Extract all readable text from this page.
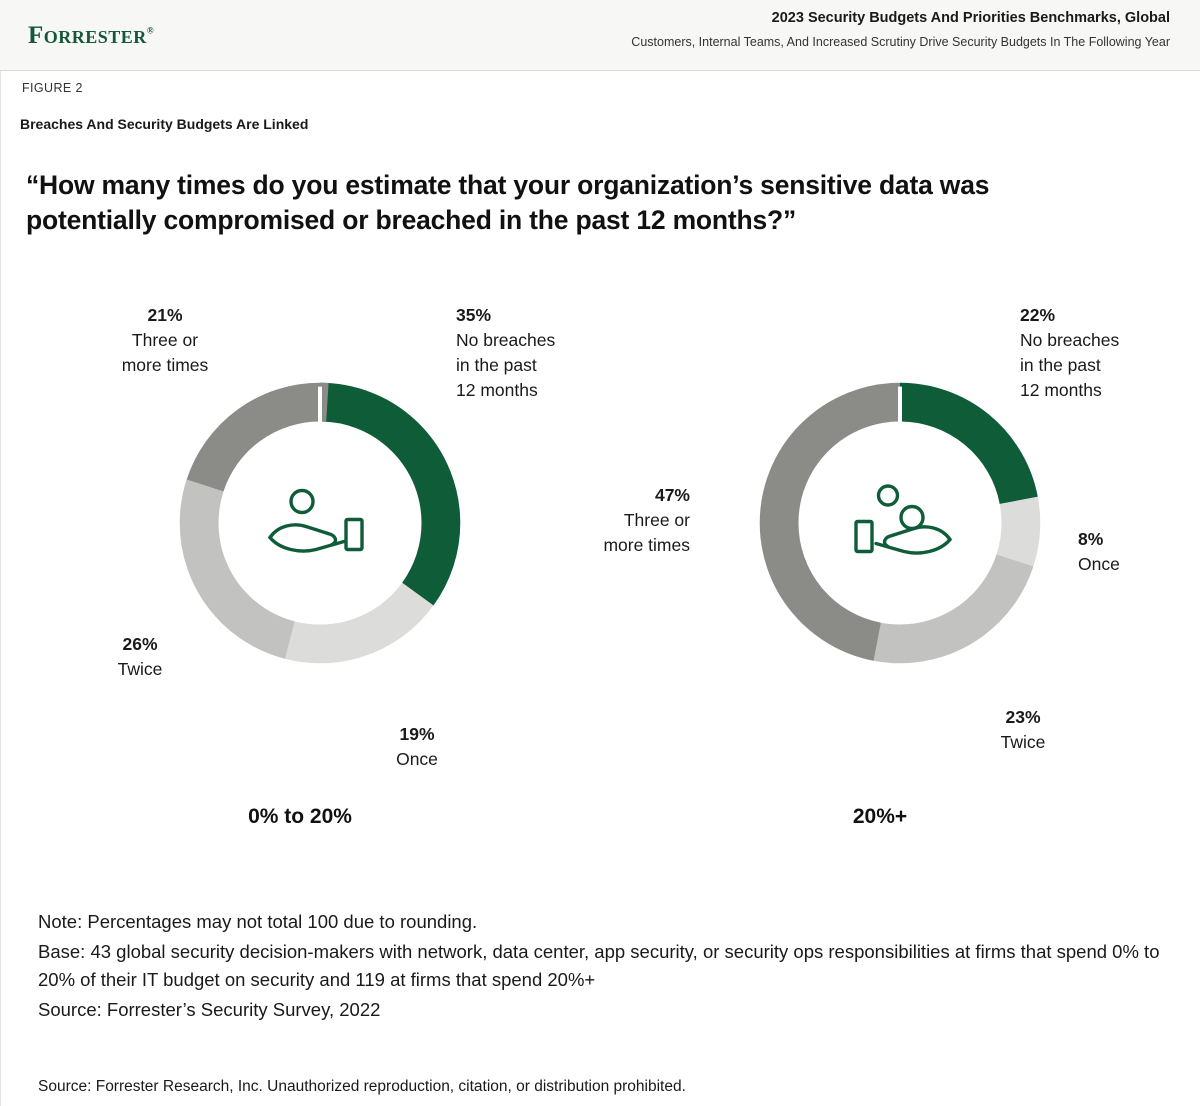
Forrester®
2023 Security Budgets And Priorities Benchmarks, Global
Customers, Internal Teams, And Increased Scrutiny Drive Security Budgets In The Following Year
FIGURE 2
Breaches And Security Budgets Are Linked
“How many times do you estimate that your organization’s sensitive data was potentially compromised or breached in the past 12 months?”
0% to 20%	20%+
35%
No breaches
in the past
12 months
21%
Three or
more times
26%
Twice
19%
Once
22%
No breaches
in the past
12 months
8%
Once
23%
Twice
47%
Three or
more times

Note: Percentages may not total 100 due to rounding.

Base: 43 global security decision-makers with network, data center, app security, or security ops responsibilities at firms that spend 0% to 20% of their IT budget on security and 119 at firms that spend 20%+

Source: Forrester’s Security Survey, 2022

Source: Forrester Research, Inc. Unauthorized reproduction, citation, or distribution prohibited.
